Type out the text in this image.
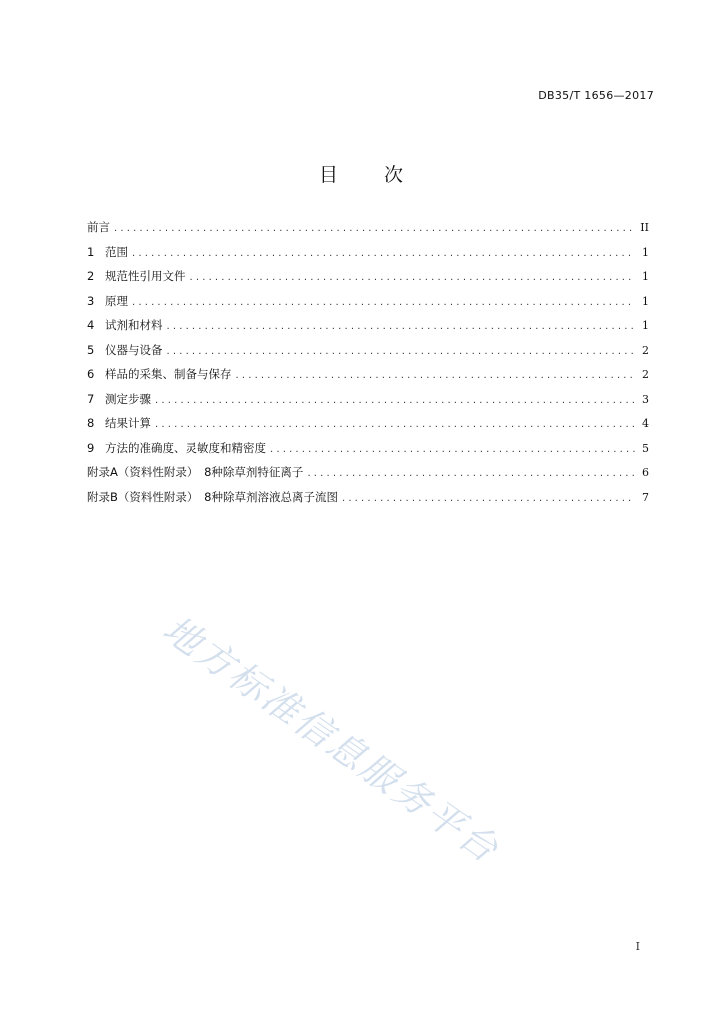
DB35/T 1656—2017
目 次
前言 . . .	II
1 范围 . . .	1
2 规范性引用文件 . . .	1
3 原理 . . .	1
4 试剂和材料 . . .	1
5 仪器与设备 . . .	2
6 样品的采集、制备与保存 . . .	2
7 测定步骤 . . .	3
8 结果计算 . . .	4
9 方法的准确度、灵敏度和精密度 . . .	5
附录A（资料性附录）　8种除草剂特征离子 . . .	6
附录B（资料性附录）　8种除草剂溶液总离子流图 . . .	7
地方标准信息服务平台
I
